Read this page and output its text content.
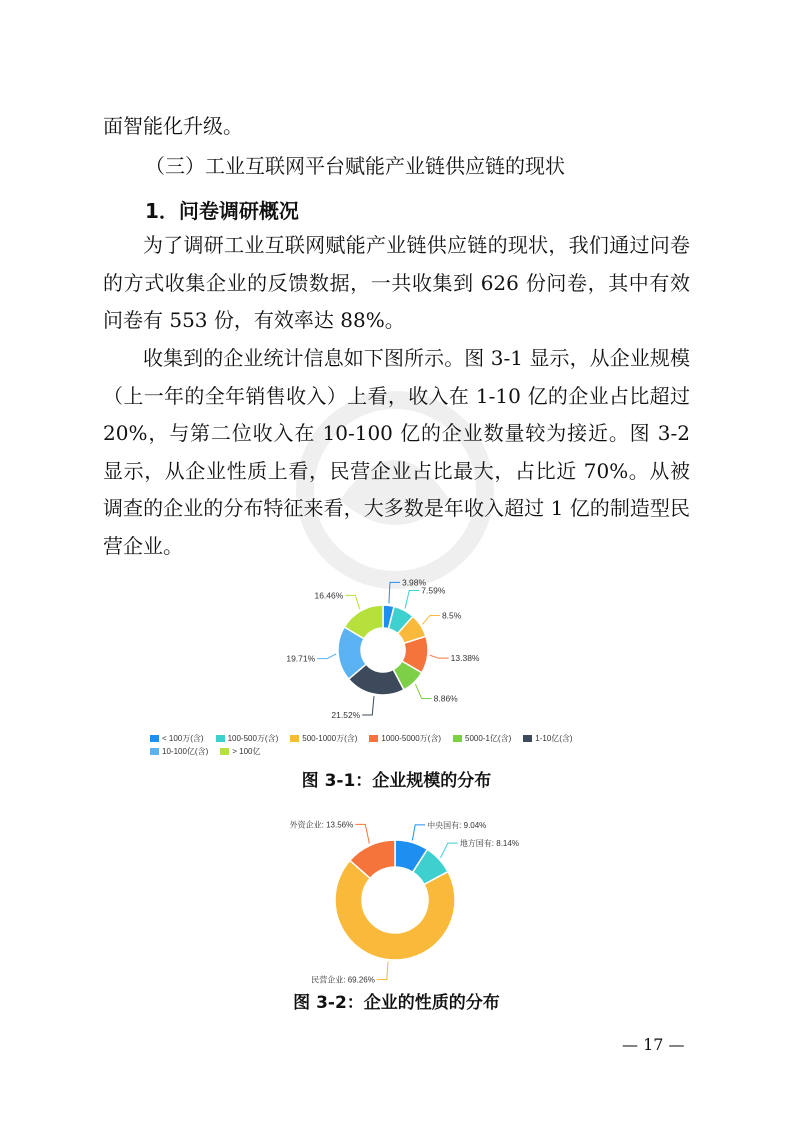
面智能化升级。

（三）工业互联网平台赋能产业链供应链的现状

1．问卷调研概况

为了调研工业互联网赋能产业链供应链的现状，我们通过问卷的方式收集企业的反馈数据，一共收集到 626 份问卷，其中有效问卷有 553 份，有效率达 88%。

收集到的企业统计信息如下图所示。图 3-1 显示，从企业规模（上一年的全年销售收入）上看，收入在 1-10 亿的企业占比超过 20%，与第二位收入在 10-100 亿的企业数量较为接近。图 3-2 显示，从企业性质上看，民营企业占比最大，占比近 70%。从被调查的企业的分布特征来看，大多数是年收入超过 1 亿的制造型民营企业。

3.98%
7.59%
8.5%
13.38%
8.86%
21.52%
19.71%
16.46%
< 100万(含)	100-500万(含)	500-1000万(含)	1000-5000万(含)	5000-1亿(含)	1-10亿(含)
10-100亿(含)	> 100亿
图 3-1：企业规模的分布
中央国有: 9.04%
地方国有: 8.14%
民营企业: 69.26%
外资企业: 13.56%
图 3-2：企业的性质的分布
— 17 —
